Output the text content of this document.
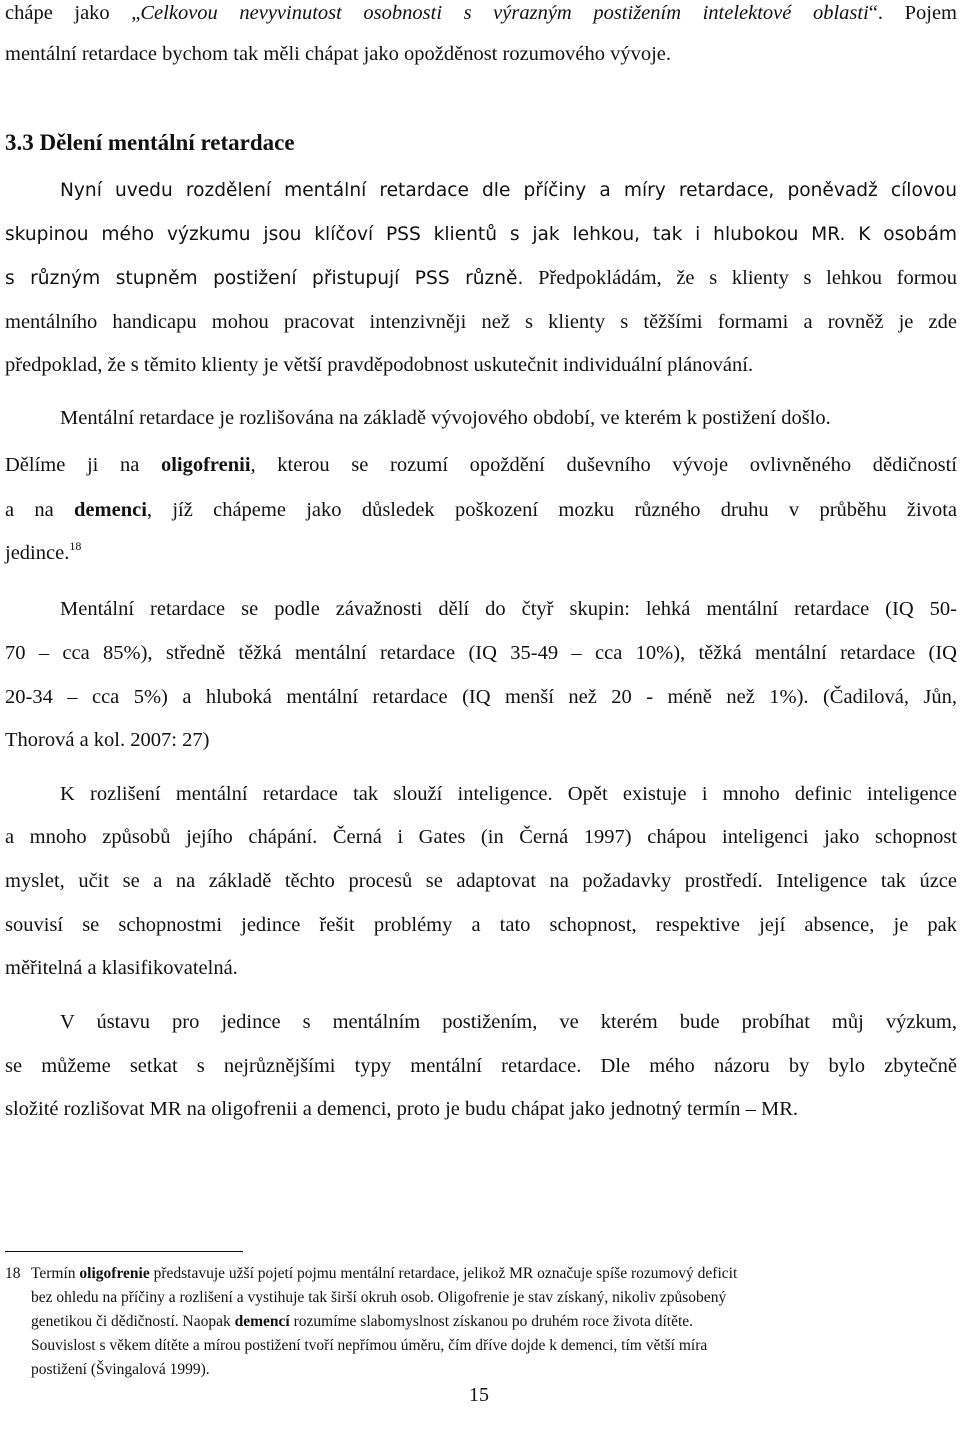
chápe jako „Celkovou nevyvinutost osobnosti s výrazným postižením intelektové oblasti“. Pojem
mentální retardace bychom tak měli chápat jako opožděnost rozumového vývoje.
3.3 Dělení mentální retardace
Nyní uvedu rozdělení mentální retardace dle příčiny a míry retardace, poněvadž cílovou
skupinou mého výzkumu jsou klíčoví PSS klientů s jak lehkou, tak i hlubokou MR. K osobám
s různým stupněm postižení přistupují PSS různě. Předpokládám, že s klienty s lehkou formou
mentálního handicapu mohou pracovat intenzivněji než s klienty s těžšími formami a rovněž je zde
předpoklad, že s těmito klienty je větší pravděpodobnost uskutečnit individuální plánování.
Mentální retardace je rozlišována na základě vývojového období, ve kterém k postižení došlo.
Dělíme ji na oligofrenii, kterou se rozumí opoždění duševního vývoje ovlivněného dědičností
a na demenci, jíž chápeme jako důsledek poškození mozku různého druhu v průběhu života
jedince.$^{18}$
Mentální retardace se podle závažnosti dělí do čtyř skupin: lehká mentální retardace (IQ 50-
70 – cca 85%), středně těžká mentální retardace (IQ 35-49 – cca 10%), těžká mentální retardace (IQ
20-34 – cca 5%) a hluboká mentální retardace (IQ menší než 20 - méně než 1%). (Čadilová, Jůn,
Thorová a kol. 2007: 27)
K rozlišení mentální retardace tak slouží inteligence. Opět existuje i mnoho definic inteligence
a mnoho způsobů jejího chápání. Černá i Gates (in Černá 1997) chápou inteligenci jako schopnost
myslet, učit se a na základě těchto procesů se adaptovat na požadavky prostředí. Inteligence tak úzce
souvisí se schopnostmi jedince řešit problémy a tato schopnost, respektive její absence, je pak
měřitelná a klasifikovatelná.
V ústavu pro jedince s mentálním postižením, ve kterém bude probíhat můj výzkum,
se můžeme setkat s nejrůznějšími typy mentální retardace. Dle mého názoru by bylo zbytečně
složité rozlišovat MR na oligofrenii a demenci, proto je budu chápat jako jednotný termín – MR.
18 Termín oligofrenie představuje užší pojetí pojmu mentální retardace, jelikož MR označuje spíše rozumový deficit
bez ohledu na příčiny a rozlišení a vystihuje tak širší okruh osob. Oligofrenie je stav získaný, nikoliv způsobený
genetikou či dědičností. Naopak demencí rozumíme slabomyslnost získanou po druhém roce života dítěte.
Souvislost s věkem dítěte a mírou postižení tvoří nepřímou úměru, čím dříve dojde k demenci, tím větší míra
postižení (Švingalová 1999).
15
